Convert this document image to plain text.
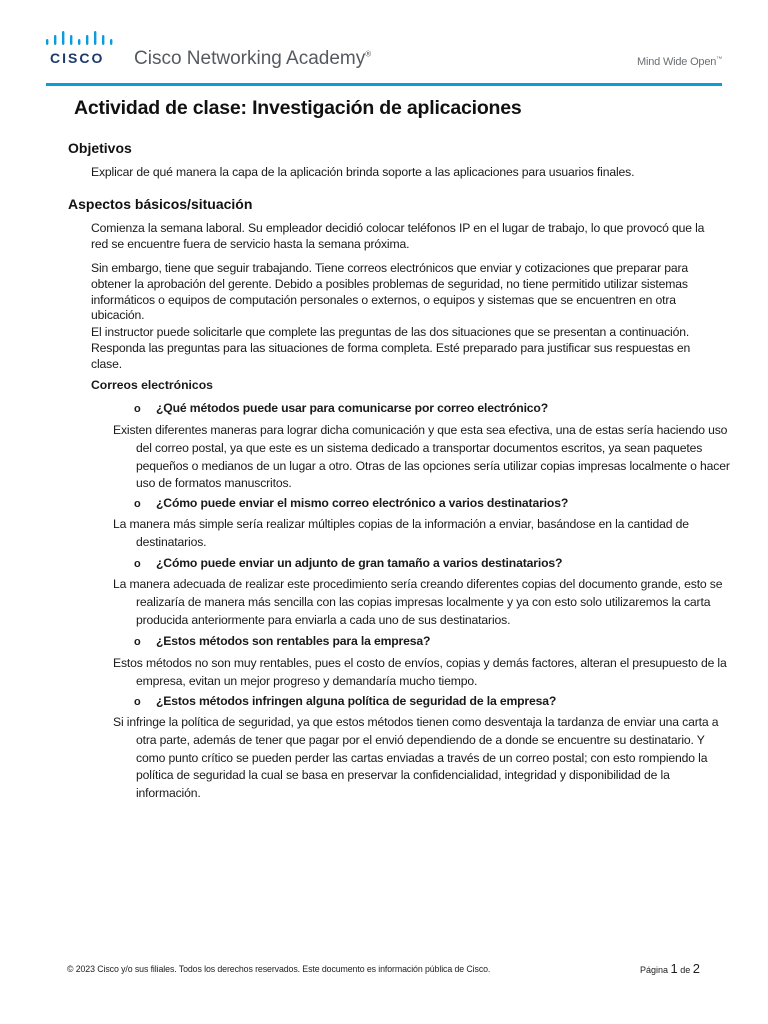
CISCO Cisco Networking Academy®
Mind Wide Open™
Actividad de clase: Investigación de aplicaciones
Objetivos

Explicar de qué manera la capa de la aplicación brinda soporte a las aplicaciones para usuarios finales.

Aspectos básicos/situación

Comienza la semana laboral. Su empleador decidió colocar teléfonos IP en el lugar de trabajo, lo que provocó que la red se encuentre fuera de servicio hasta la semana próxima.

Sin embargo, tiene que seguir trabajando. Tiene correos electrónicos que enviar y cotizaciones que preparar para obtener la aprobación del gerente. Debido a posibles problemas de seguridad, no tiene permitido utilizar sistemas informáticos o equipos de computación personales o externos, o equipos y sistemas que se encuentren en otra ubicación.

El instructor puede solicitarle que complete las preguntas de las dos situaciones que se presentan a continuación. Responda las preguntas para las situaciones de forma completa. Esté preparado para justificar sus respuestas en clase.

Correos electrónicos
o ¿Qué métodos puede usar para comunicarse por correo electrónico?

Existen diferentes maneras para lograr dicha comunicación y que esta sea efectiva, una de estas sería haciendo uso del correo postal, ya que este es un sistema dedicado a transportar documentos escritos, ya sean paquetes pequeños o medianos de un lugar a otro. Otras de las opciones sería utilizar copias impresas localmente o hacer uso de formatos manuscritos.

o ¿Cómo puede enviar el mismo correo electrónico a varios destinatarios?

La manera más simple sería realizar múltiples copias de la información a enviar, basándose en la cantidad de destinatarios.

o ¿Cómo puede enviar un adjunto de gran tamaño a varios destinatarios?

La manera adecuada de realizar este procedimiento sería creando diferentes copias del documento grande, esto se realizaría de manera más sencilla con las copias impresas localmente y ya con esto solo utilizaremos la carta producida anteriormente para enviarla a cada uno de sus destinatarios.

o ¿Estos métodos son rentables para la empresa?

Estos métodos no son muy rentables, pues el costo de envíos, copias y demás factores, alteran el presupuesto de la empresa, evitan un mejor progreso y demandaría mucho tiempo.

o ¿Estos métodos infringen alguna política de seguridad de la empresa?

Si infringe la política de seguridad, ya que estos métodos tienen como desventaja la tardanza de enviar una carta a otra parte, además de tener que pagar por el envió dependiendo de a donde se encuentre su destinatario. Y como punto crítico se pueden perder las cartas enviadas a través de un correo postal; con esto rompiendo la política de seguridad la cual se basa en preservar la confidencialidad, integridad y disponibilidad de la información.

© 2023 Cisco y/o sus filiales. Todos los derechos reservados. Este documento es información pública de Cisco.	Página 1 de 2
